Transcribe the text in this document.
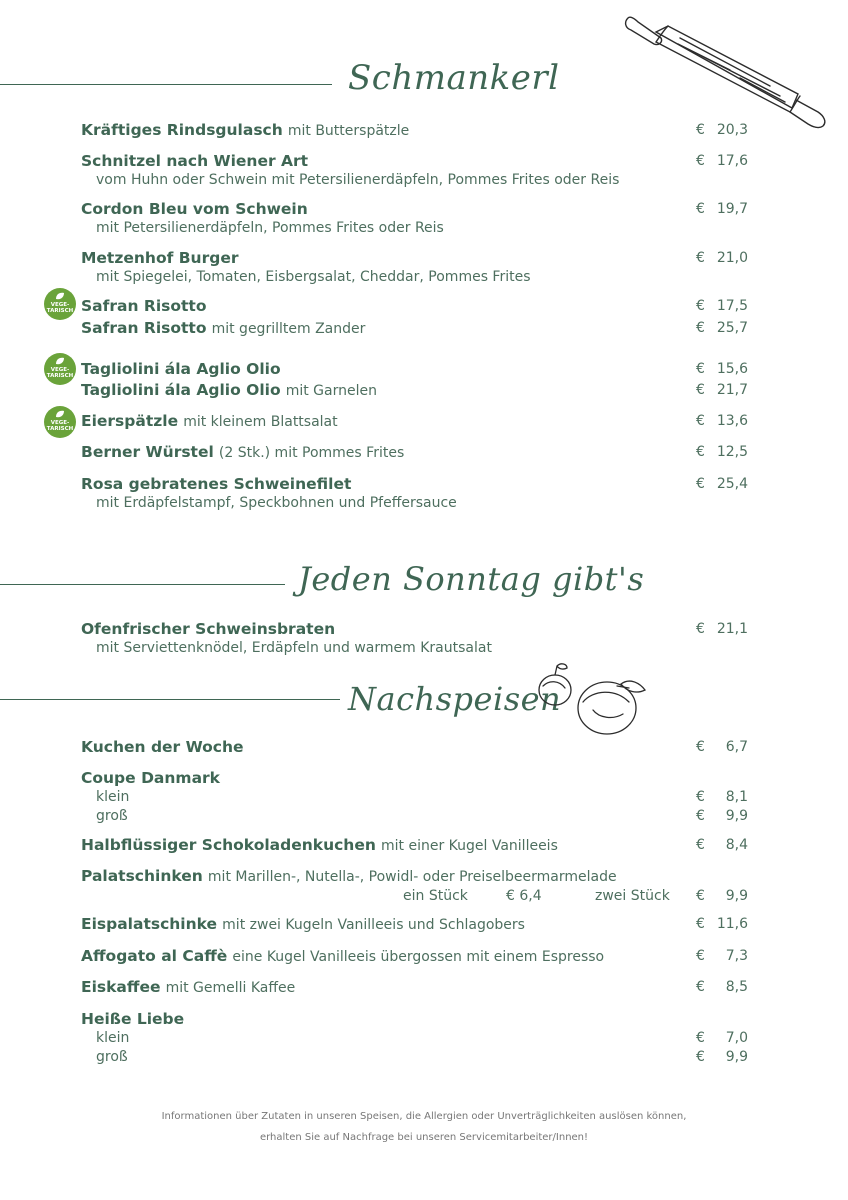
Schmankerl
Kräftiges Rindsgulasch mit Butterspätzle	€ 20,3
Schnitzel nach Wiener Art	€ 17,6
vom Huhn oder Schwein mit Petersilienerdäpfeln, Pommes Frites oder Reis
Cordon Bleu vom Schwein	€ 19,7
mit Petersilienerdäpfeln, Pommes Frites oder Reis
Metzenhof Burger	€ 21,0
mit Spiegelei, Tomaten, Eisbergsalat, Cheddar, Pommes Frites
VEGE-
TARISCH Safran Risotto	€ 17,5
Safran Risotto mit gegrilltem Zander	€ 25,7
VEGE-
TARISCH Tagliolini ála Aglio Olio	€ 15,6
Tagliolini ála Aglio Olio mit Garnelen	€ 21,7
VEGE-
TARISCH Eierspätzle mit kleinem Blattsalat	€ 13,6
Berner Würstel (2 Stk.) mit Pommes Frites	€ 12,5
Rosa gebratenes Schweinefilet	€ 25,4
mit Erdäpfelstampf, Speckbohnen und Pfeffersauce
Jeden Sonntag gibt's
Ofenfrischer Schweinsbraten	€ 21,1
mit Serviettenknödel, Erdäpfeln und warmem Krautsalat
Nachspeisen
Kuchen der Woche	€ 6,7
Coupe Danmark
klein	€ 8,1
groß	€ 9,9
Halbflüssiger Schokoladenkuchen mit einer Kugel Vanilleeis	€ 8,4
Palatschinken mit Marillen-, Nutella-, Powidl- oder Preiselbeermarmelade
ein Stück	€ 6,4	zwei Stück € 9,9
Eispalatschinke mit zwei Kugeln Vanilleeis und Schlagobers	€ 11,6
Affogato al Caffè eine Kugel Vanilleeis übergossen mit einem Espresso	€ 7,3
Eiskaffee mit Gemelli Kaffee	€ 8,5
Heiße Liebe
klein	€ 7,0
groß	€ 9,9
Informationen über Zutaten in unseren Speisen, die Allergien oder Unverträglichkeiten auslösen können,
erhalten Sie auf Nachfrage bei unseren Servicemitarbeiter/Innen!
